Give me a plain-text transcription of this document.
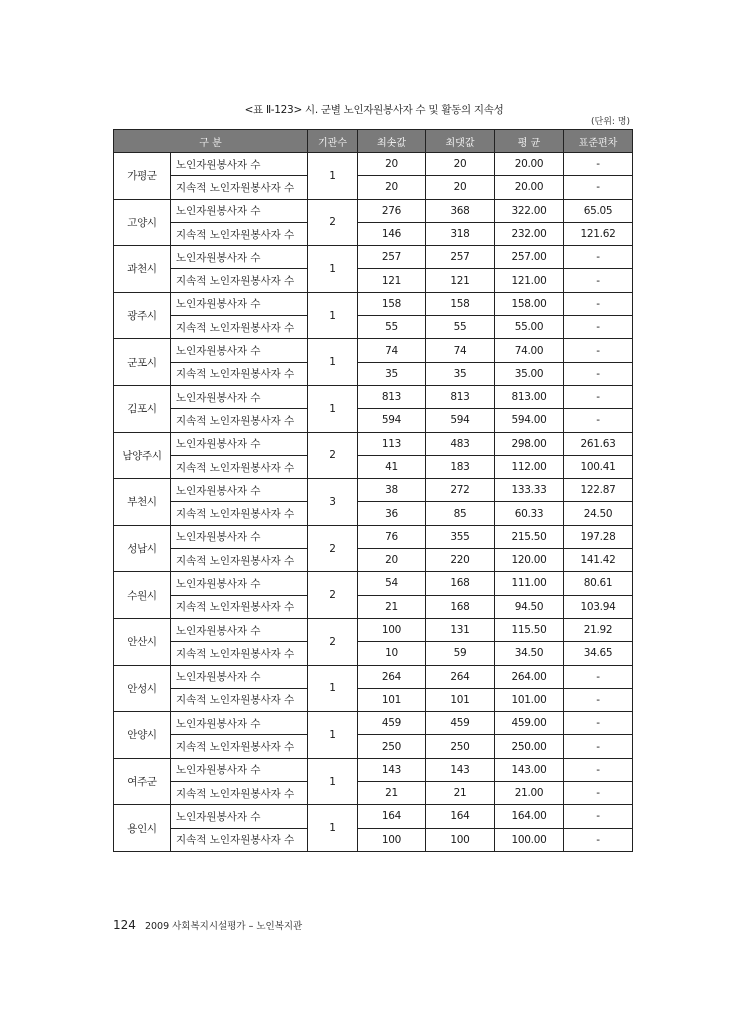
<표 Ⅱ-123> 시. 군별 노인자원봉사자 수 및 활동의 지속성
(단위: 명)
구 분		기관수	최솟값	최댓값	평 균	표준편차
가평군	노인자원봉사자 수	1	20	20	20.00	-
	지속적 노인자원봉사자 수		20	20	20.00	-
고양시	노인자원봉사자 수	2	276	368	322.00	65.05
	지속적 노인자원봉사자 수		146	318	232.00	121.62
과천시	노인자원봉사자 수	1	257	257	257.00	-
	지속적 노인자원봉사자 수		121	121	121.00	-
광주시	노인자원봉사자 수	1	158	158	158.00	-
	지속적 노인자원봉사자 수		55	55	55.00	-
군포시	노인자원봉사자 수	1	74	74	74.00	-
	지속적 노인자원봉사자 수		35	35	35.00	-
김포시	노인자원봉사자 수	1	813	813	813.00	-
	지속적 노인자원봉사자 수		594	594	594.00	-
남양주시	노인자원봉사자 수	2	113	483	298.00	261.63
	지속적 노인자원봉사자 수		41	183	112.00	100.41
부천시	노인자원봉사자 수	3	38	272	133.33	122.87
	지속적 노인자원봉사자 수		36	85	60.33	24.50
성남시	노인자원봉사자 수	2	76	355	215.50	197.28
	지속적 노인자원봉사자 수		20	220	120.00	141.42
수원시	노인자원봉사자 수	2	54	168	111.00	80.61
	지속적 노인자원봉사자 수		21	168	94.50	103.94
안산시	노인자원봉사자 수	2	100	131	115.50	21.92
	지속적 노인자원봉사자 수		10	59	34.50	34.65
안성시	노인자원봉사자 수	1	264	264	264.00	-
	지속적 노인자원봉사자 수		101	101	101.00	-
안양시	노인자원봉사자 수	1	459	459	459.00	-
	지속적 노인자원봉사자 수		250	250	250.00	-
여주군	노인자원봉사자 수	1	143	143	143.00	-
	지속적 노인자원봉사자 수		21	21	21.00	-
용인시	노인자원봉사자 수	1	164	164	164.00	-
	지속적 노인자원봉사자 수		100	100	100.00	-
124 2009 사회복지시설평가 – 노인복지관
